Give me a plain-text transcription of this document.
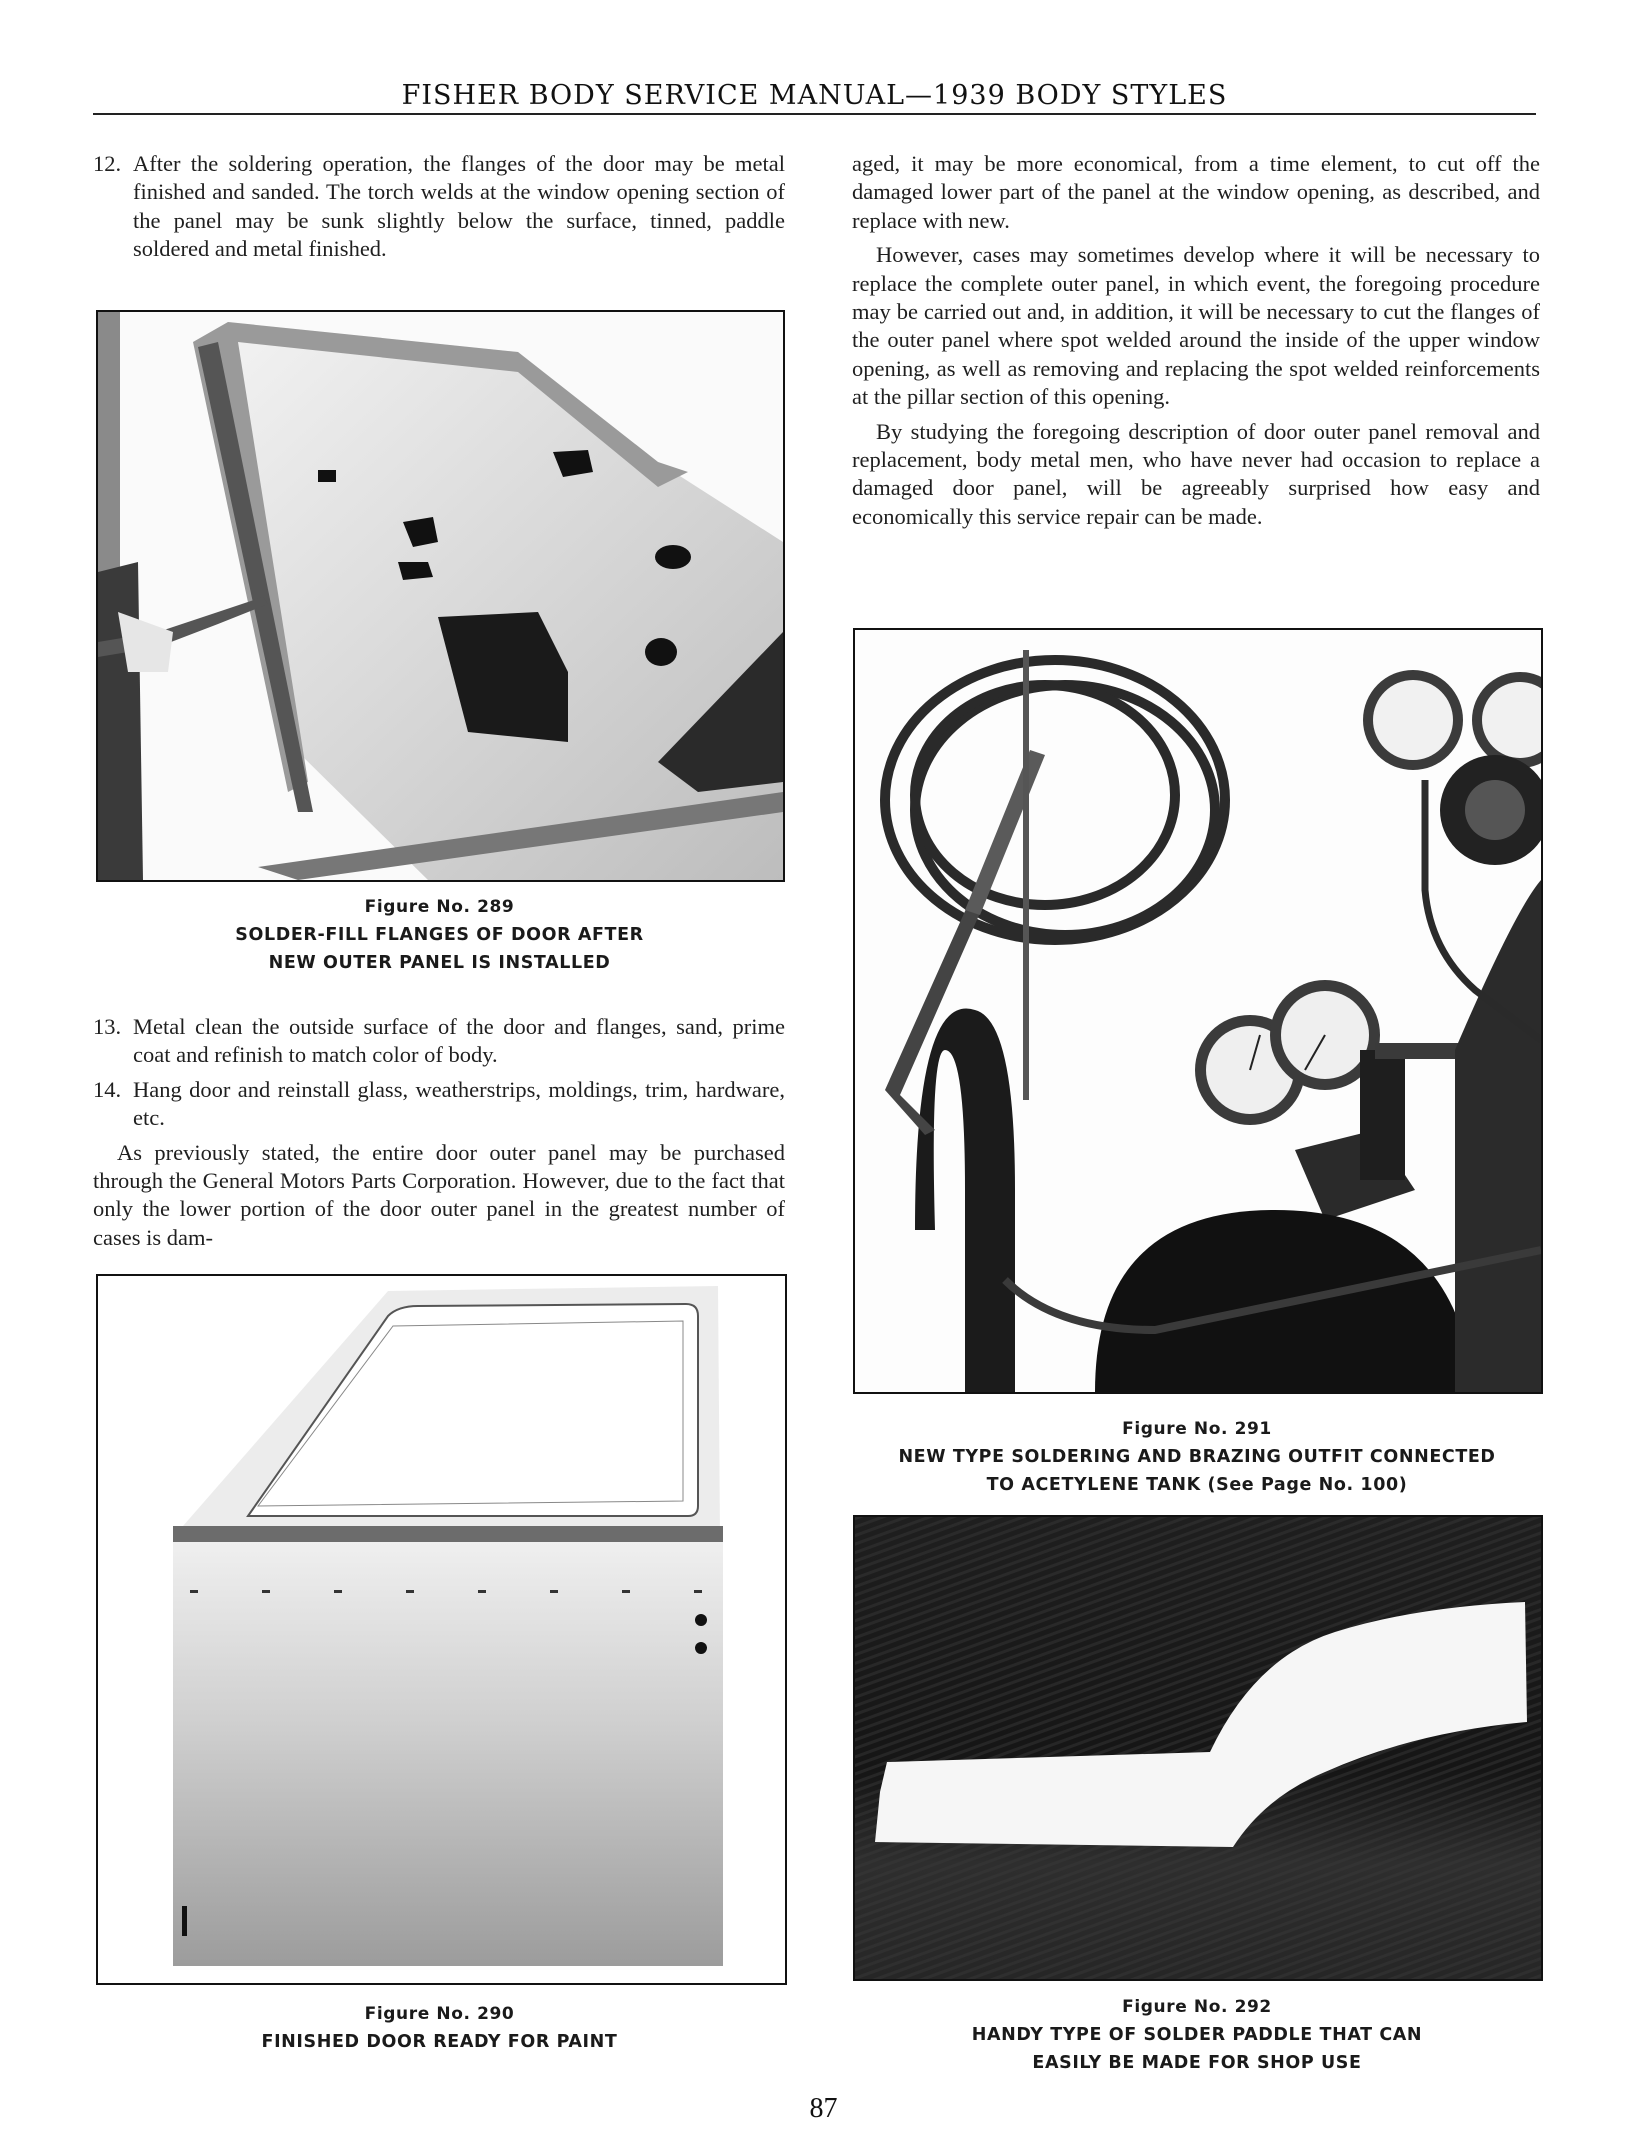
FISHER BODY SERVICE MANUAL—1939 BODY STYLES
12. After the soldering operation, the flanges of the door may be metal finished and sanded. The torch welds at the window opening section of the panel may be sunk slightly below the surface, tinned, paddle soldered and metal finished.
Figure No. 289
SOLDER-FILL FLANGES OF DOOR AFTER
NEW OUTER PANEL IS INSTALLED
13. Metal clean the outside surface of the door and flanges, sand, prime coat and refinish to match color of body.
14. Hang door and reinstall glass, weatherstrips, moldings, trim, hardware, etc.

As previously stated, the entire door outer panel may be purchased through the General Motors Parts Corporation. However, due to the fact that only the lower portion of the door outer panel in the greatest number of cases is dam-

Figure No. 290
FINISHED DOOR READY FOR PAINT

aged, it may be more economical, from a time element, to cut off the damaged lower part of the panel at the window opening, as described, and replace with new.

However, cases may sometimes develop where it will be necessary to replace the complete outer panel, in which event, the foregoing procedure may be carried out and, in addition, it will be necessary to cut the flanges of the outer panel where spot welded around the inside of the upper window opening, as well as removing and replacing the spot welded reinforcements at the pillar section of this opening.

By studying the foregoing description of door outer panel removal and replacement, body metal men, who have never had occasion to replace a damaged door panel, will be agreeably surprised how easy and economically this service repair can be made.

Figure No. 291
NEW TYPE SOLDERING AND BRAZING OUTFIT CONNECTED
TO ACETYLENE TANK (See Page No. 100)
Figure No. 292
HANDY TYPE OF SOLDER PADDLE THAT CAN
EASILY BE MADE FOR SHOP USE
87
